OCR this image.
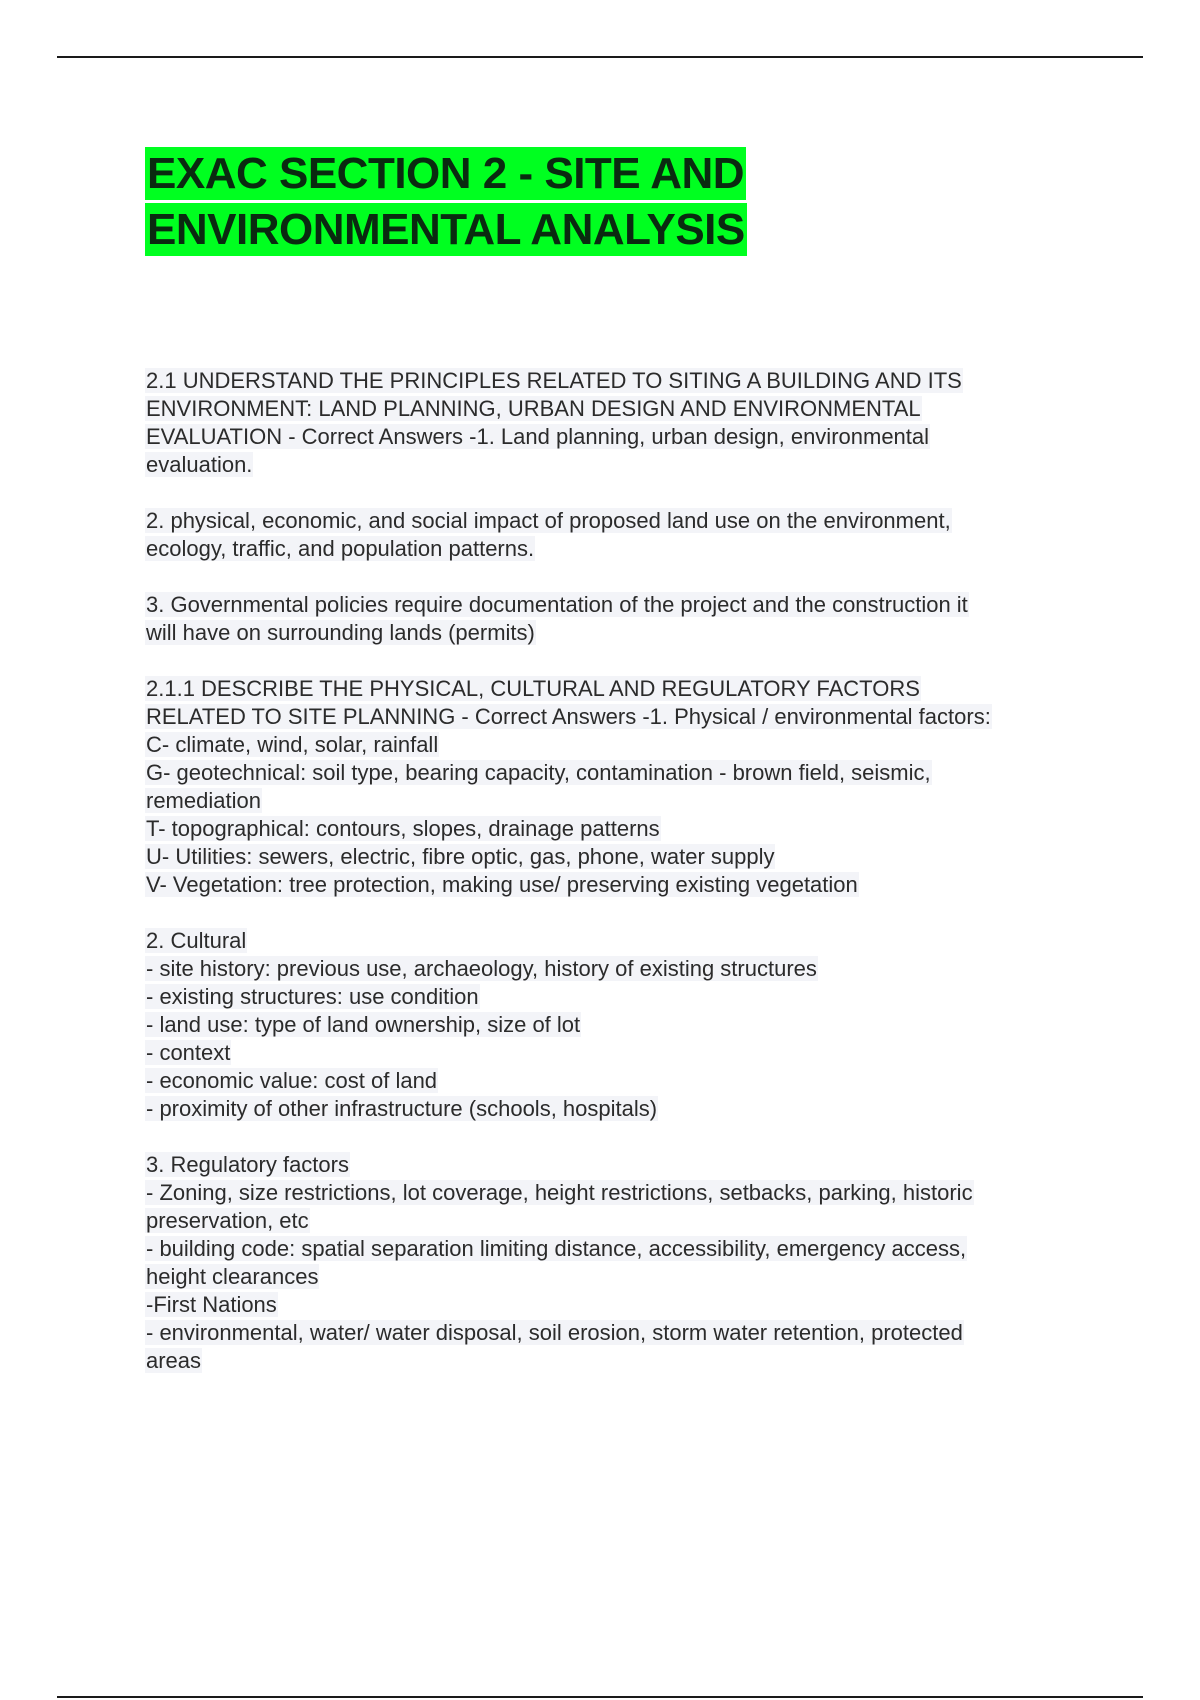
EXAC SECTION 2 - SITE AND
ENVIRONMENTAL ANALYSIS
2.1 UNDERSTAND THE PRINCIPLES RELATED TO SITING A BUILDING AND ITS
ENVIRONMENT: LAND PLANNING, URBAN DESIGN AND ENVIRONMENTAL
EVALUATION - Correct Answers -1. Land planning, urban design, environmental
evaluation.
2. physical, economic, and social impact of proposed land use on the environment,
ecology, traffic, and population patterns.
3. Governmental policies require documentation of the project and the construction it
will have on surrounding lands (permits)
2.1.1 DESCRIBE THE PHYSICAL, CULTURAL AND REGULATORY FACTORS
RELATED TO SITE PLANNING - Correct Answers -1. Physical / environmental factors:
C- climate, wind, solar, rainfall
G- geotechnical: soil type, bearing capacity, contamination - brown field, seismic,
remediation
T- topographical: contours, slopes, drainage patterns
U- Utilities: sewers, electric, fibre optic, gas, phone, water supply
V- Vegetation: tree protection, making use/ preserving existing vegetation
2. Cultural
- site history: previous use, archaeology, history of existing structures
- existing structures: use condition
- land use: type of land ownership, size of lot
- context
- economic value: cost of land
- proximity of other infrastructure (schools, hospitals)
3. Regulatory factors
- Zoning, size restrictions, lot coverage, height restrictions, setbacks, parking, historic
preservation, etc
- building code: spatial separation limiting distance, accessibility, emergency access,
height clearances
-First Nations
- environmental, water/ water disposal, soil erosion, storm water retention, protected
areas
